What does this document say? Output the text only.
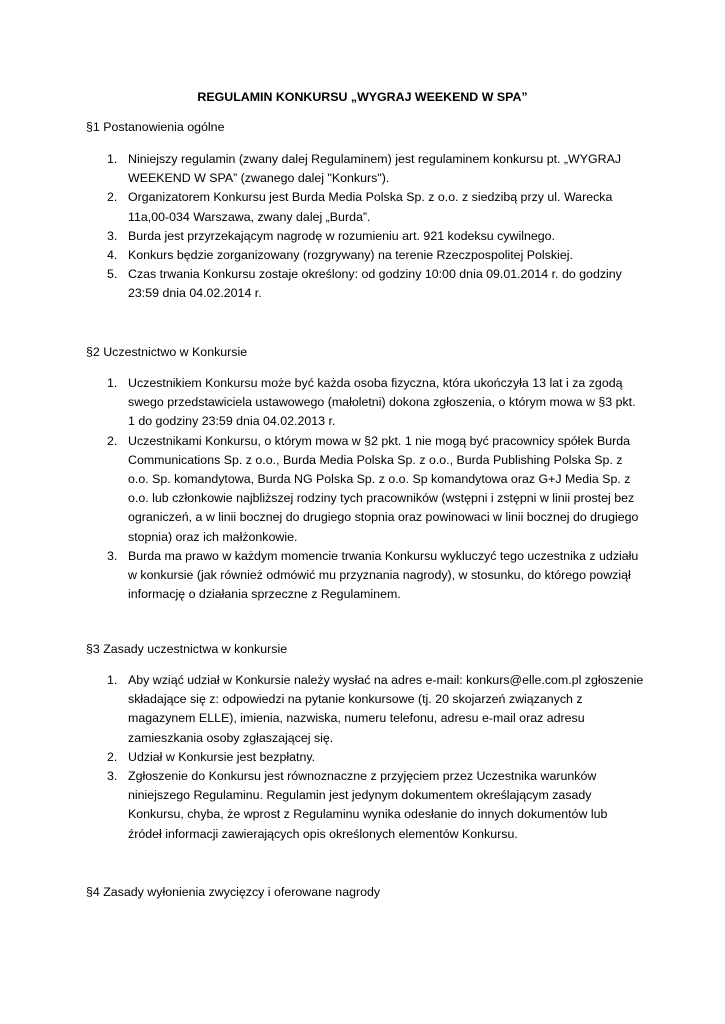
REGULAMIN KONKURSU „WYGRAJ WEEKEND W SPA”
§1 Postanowienia ogólne
1. Niniejszy regulamin (zwany dalej Regulaminem) jest regulaminem konkursu pt. „WYGRAJ WEEKEND W SPA” (zwanego dalej "Konkurs").
2. Organizatorem Konkursu jest Burda Media Polska Sp. z o.o. z siedzibą przy ul. Warecka 11a,00-034 Warszawa, zwany dalej „Burda”.
3. Burda jest przyrzekającym nagrodę w rozumieniu art. 921 kodeksu cywilnego.
4. Konkurs będzie zorganizowany (rozgrywany) na terenie Rzeczpospolitej Polskiej.
5. Czas trwania Konkursu zostaje określony: od godziny 10:00 dnia 09.01.2014 r. do godziny 23:59 dnia 04.02.2014 r.
§2 Uczestnictwo w Konkursie
1. Uczestnikiem Konkursu może być każda osoba fizyczna, która ukończyła 13 lat i za zgodą swego przedstawiciela ustawowego (małoletni) dokona zgłoszenia, o którym mowa w §3 pkt. 1 do godziny 23:59 dnia 04.02.2013 r.
2. Uczestnikami Konkursu, o którym mowa w §2 pkt. 1 nie mogą być pracownicy spółek Burda Communications Sp. z o.o., Burda Media Polska Sp. z o.o., Burda Publishing Polska Sp. z o.o. Sp. komandytowa, Burda NG Polska Sp. z o.o. Sp komandytowa oraz G+J Media Sp. z o.o. lub członkowie najbliższej rodziny tych pracowników (wstępni i zstępni w linii prostej bez ograniczeń, a w linii bocznej do drugiego stopnia oraz powinowaci w linii bocznej do drugiego stopnia) oraz ich małżonkowie.
3. Burda ma prawo w każdym momencie trwania Konkursu wykluczyć tego uczestnika z udziału w konkursie (jak również odmówić mu przyznania nagrody), w stosunku, do którego powziął informację o działania sprzeczne z Regulaminem.
§3 Zasady uczestnictwa w konkursie
1. Aby wziąć udział w Konkursie należy wysłać na adres e-mail: konkurs@elle.com.pl zgłoszenie składające się z: odpowiedzi na pytanie konkursowe (tj. 20 skojarzeń związanych z magazynem ELLE), imienia, nazwiska, numeru telefonu, adresu e-mail oraz adresu zamieszkania osoby zgłaszającej się.
2. Udział w Konkursie jest bezpłatny.
3. Zgłoszenie do Konkursu jest równoznaczne z przyjęciem przez Uczestnika warunków niniejszego Regulaminu. Regulamin jest jedynym dokumentem określającym zasady Konkursu, chyba, że wprost z Regulaminu wynika odesłanie do innych dokumentów lub źródeł informacji zawierających opis określonych elementów Konkursu.
§4 Zasady wyłonienia zwycięzcy i oferowane nagrody
